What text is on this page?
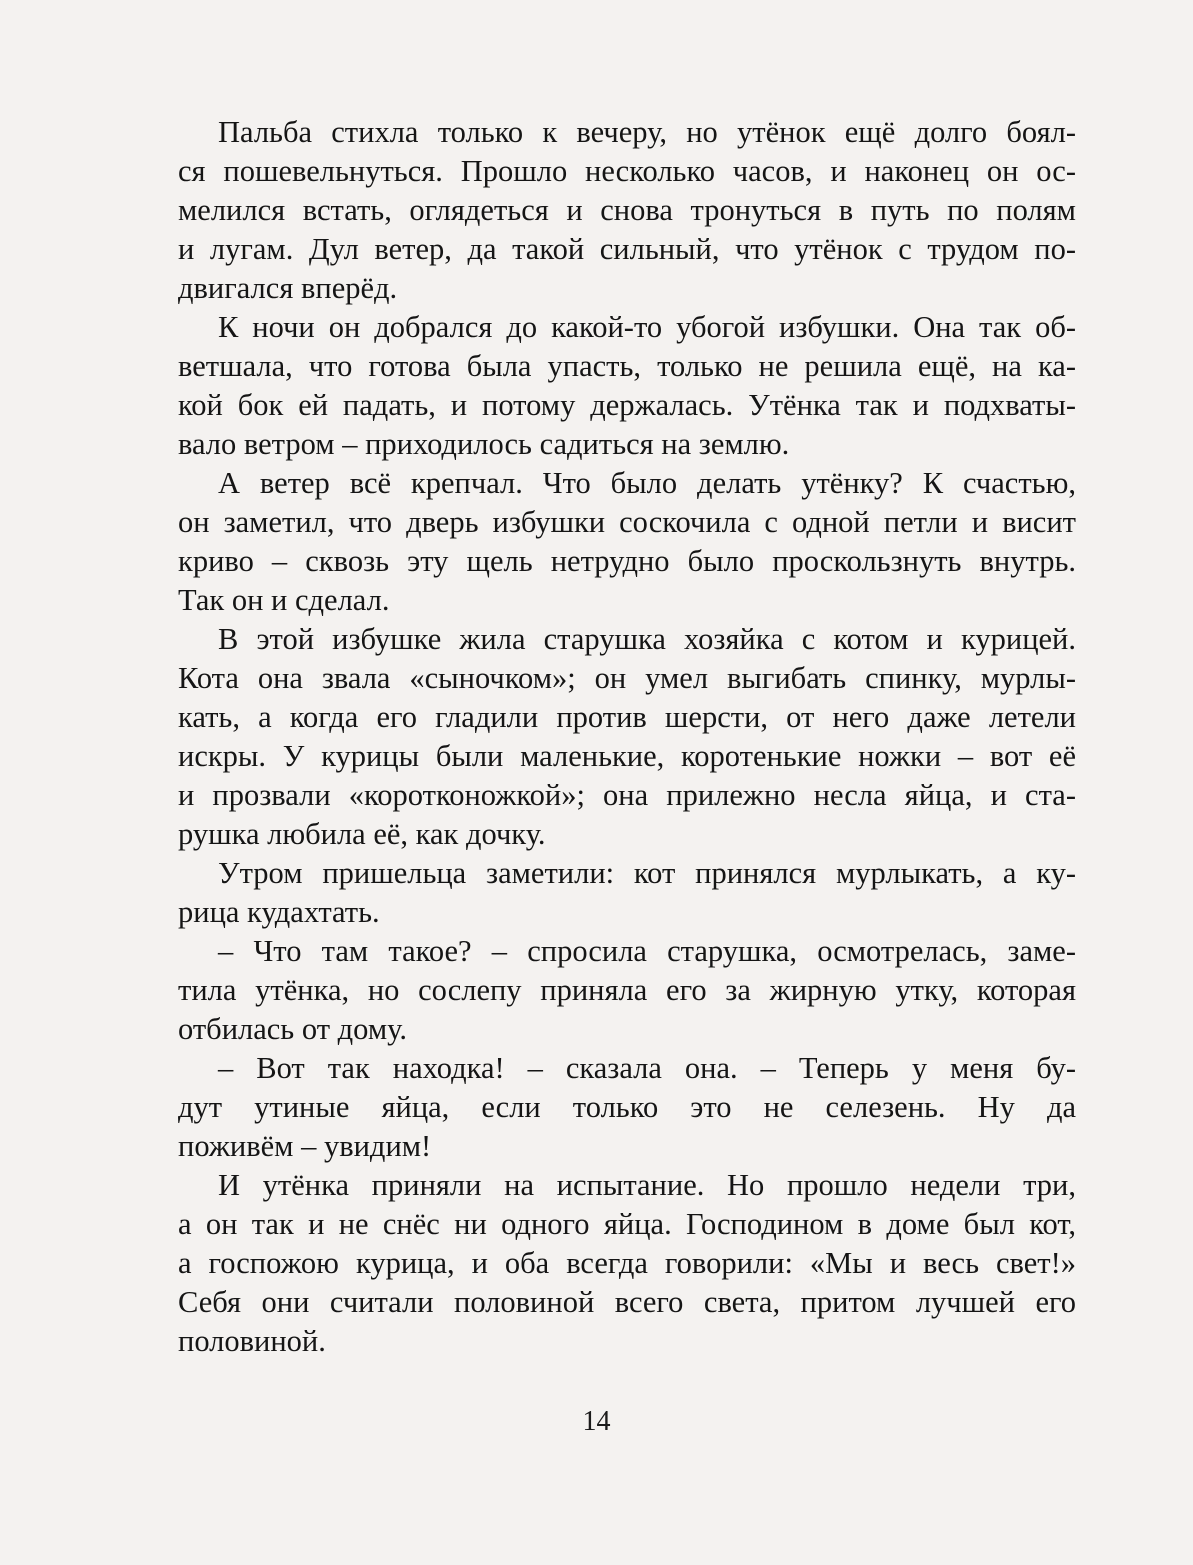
Пальба стихла только к вечеру, но утёнок ещё долго боял-
ся пошевельнуться. Прошло несколько часов, и наконец он ос-
мелился встать, оглядеться и снова тронуться в путь по полям
и лугам. Дул ветер, да такой сильный, что утёнок с трудом по-
двигался вперёд.
К ночи он добрался до какой-то убогой избушки. Она так об-
ветшала, что готова была упасть, только не решила ещё, на ка-
кой бок ей падать, и потому держалась. Утёнка так и подхваты-
вало ветром – приходилось садиться на землю.
А ветер всё крепчал. Что было делать утёнку? К счастью,
он заметил, что дверь избушки соскочила с одной петли и висит
криво – сквозь эту щель нетрудно было проскользнуть внутрь.
Так он и сделал.
В этой избушке жила старушка хозяйка с котом и курицей.
Кота она звала «сыночком»; он умел выгибать спинку, мурлы-
кать, а когда его гладили против шерсти, от него даже летели
искры. У курицы были маленькие, коротенькие ножки – вот её
и прозвали «коротконожкой»; она прилежно несла яйца, и ста-
рушка любила её, как дочку.
Утром пришельца заметили: кот принялся мурлыкать, а ку-
рица кудахтать.
– Что там такое? – спросила старушка, осмотрелась, заме-
тила утёнка, но сослепу приняла его за жирную утку, которая
отбилась от дому.
– Вот так находка! – сказала она. – Теперь у меня бу-
дут утиные яйца, если только это не селезень. Ну да
поживём – увидим!
И утёнка приняли на испытание. Но прошло недели три,
а он так и не снёс ни одного яйца. Господином в доме был кот,
а госпожою курица, и оба всегда говорили: «Мы и весь свет!»
Себя они считали половиной всего света, притом лучшей его
половиной.
14
